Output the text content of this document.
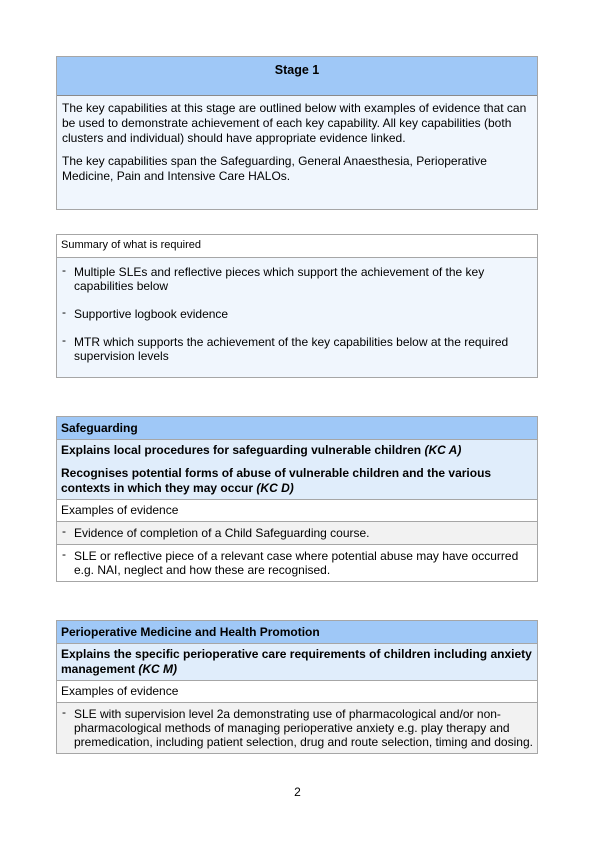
Stage 1

The key capabilities at this stage are outlined below with examples of evidence that can be used to demonstrate achievement of each key capability. All key capabilities (both clusters and individual) should have appropriate evidence linked.

The key capabilities span the Safeguarding, General Anaesthesia, Perioperative Medicine, Pain and Intensive Care HALOs.

Summary of what is required
- Multiple SLEs and reflective pieces which support the achievement of the key capabilities below
- Supportive logbook evidence
- MTR which supports the achievement of the key capabilities below at the required supervision levels
Safeguarding
Explains local procedures for safeguarding vulnerable children (KC A)
Recognises potential forms of abuse of vulnerable children and the various contexts in which they may occur (KC D)
Examples of evidence
- Evidence of completion of a Child Safeguarding course.
- SLE or reflective piece of a relevant case where potential abuse may have occurred e.g. NAI, neglect and how these are recognised.
Perioperative Medicine and Health Promotion
Explains the specific perioperative care requirements of children including anxiety management (KC M)
Examples of evidence
- SLE with supervision level 2a demonstrating use of pharmacological and/or non-pharmacological methods of managing perioperative anxiety e.g. play therapy and premedication, including patient selection, drug and route selection, timing and dosing.
2
